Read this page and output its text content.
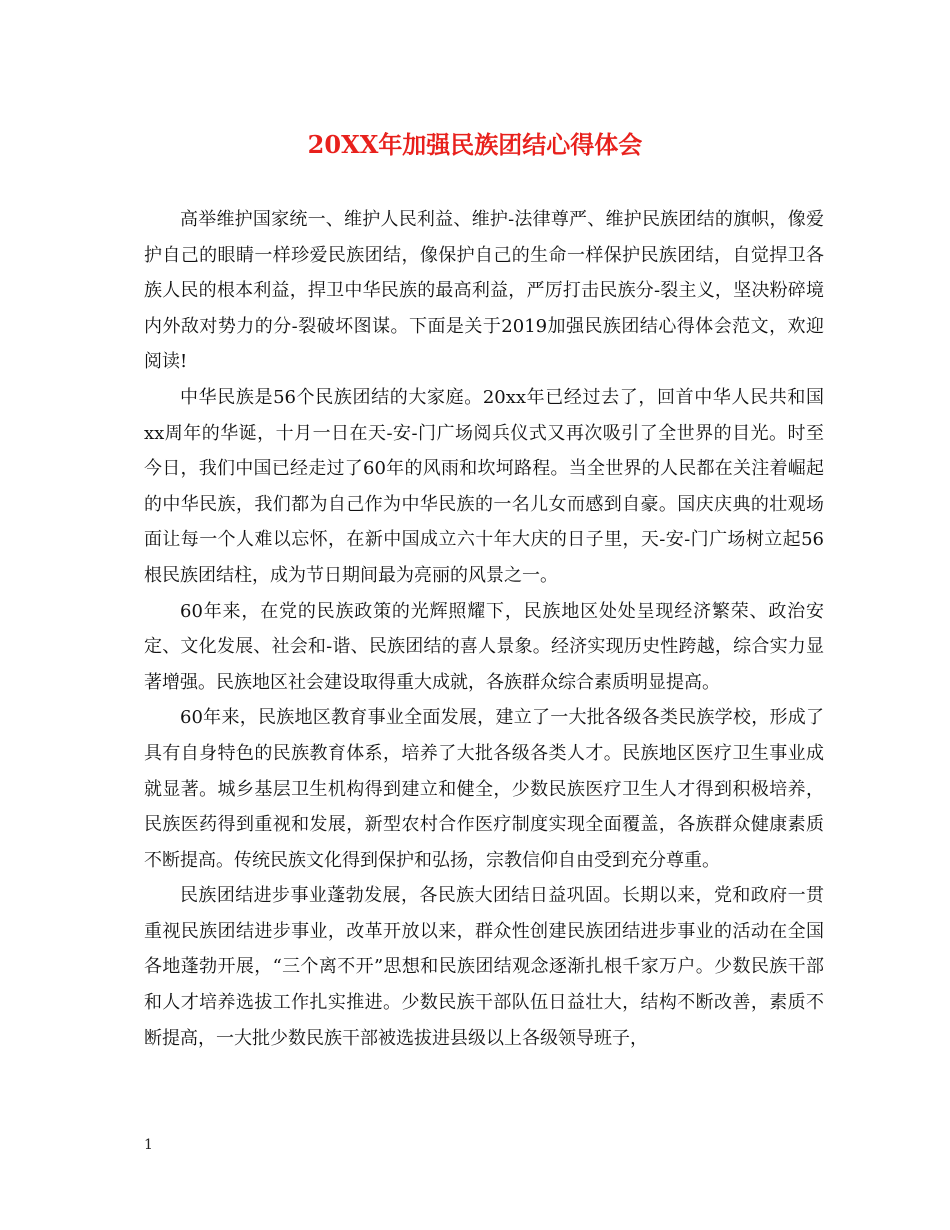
20XX年加强民族团结心得体会

高举维护国家统一、维护人民利益、维护-法律尊严、维护民族团结的旗帜，像爱护自己的眼睛一样珍爱民族团结，像保护自己的生命一样保护民族团结，自觉捍卫各族人民的根本利益，捍卫中华民族的最高利益，严厉打击民族分-裂主义，坚决粉碎境内外敌对势力的分-裂破坏图谋。下面是关于2019加强民族团结心得体会范文，欢迎阅读!

中华民族是56个民族团结的大家庭。20xx年已经过去了，回首中华人民共和国xx周年的华诞，十月一日在天-安-门广场阅兵仪式又再次吸引了全世界的目光。时至今日，我们中国已经走过了60年的风雨和坎坷路程。当全世界的人民都在关注着崛起的中华民族，我们都为自己作为中华民族的一名儿女而感到自豪。国庆庆典的壮观场面让每一个人难以忘怀，在新中国成立六十年大庆的日子里，天-安-门广场树立起56根民族团结柱，成为节日期间最为亮丽的风景之一。

60年来，在党的民族政策的光辉照耀下，民族地区处处呈现经济繁荣、政治安定、文化发展、社会和-谐、民族团结的喜人景象。经济实现历史性跨越，综合实力显著增强。民族地区社会建设取得重大成就，各族群众综合素质明显提高。

60年来，民族地区教育事业全面发展，建立了一大批各级各类民族学校，形成了具有自身特色的民族教育体系，培养了大批各级各类人才。民族地区医疗卫生事业成就显著。城乡基层卫生机构得到建立和健全，少数民族医疗卫生人才得到积极培养，民族医药得到重视和发展，新型农村合作医疗制度实现全面覆盖，各族群众健康素质不断提高。传统民族文化得到保护和弘扬，宗教信仰自由受到充分尊重。

民族团结进步事业蓬勃发展，各民族大团结日益巩固。长期以来，党和政府一贯重视民族团结进步事业，改革开放以来，群众性创建民族团结进步事业的活动在全国各地蓬勃开展，“三个离不开”思想和民族团结观念逐渐扎根千家万户。少数民族干部和人才培养选拔工作扎实推进。少数民族干部队伍日益壮大，结构不断改善，素质不断提高，一大批少数民族干部被选拔进县级以上各级领导班子，

1
